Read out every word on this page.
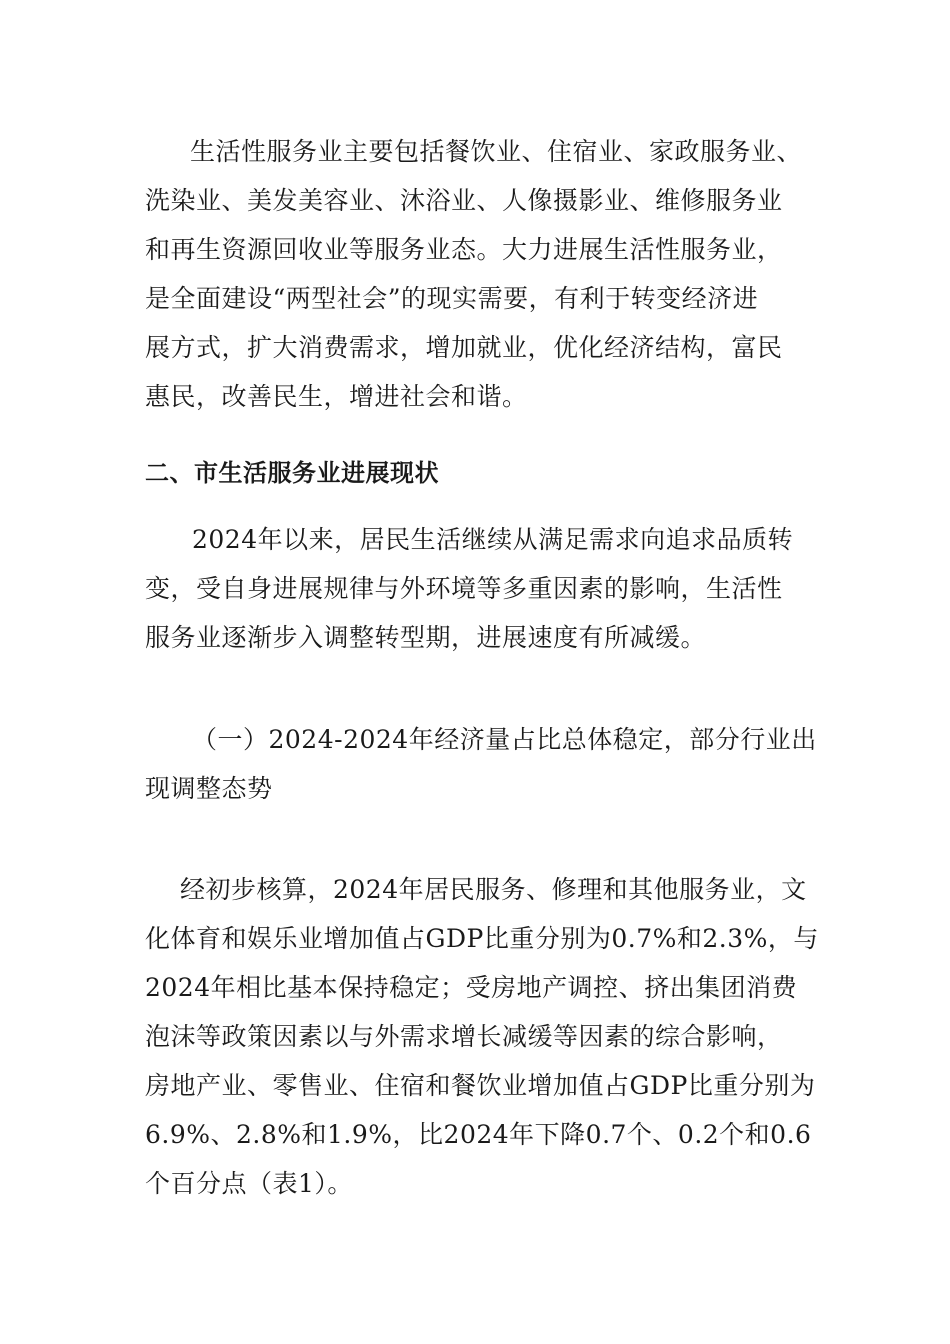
生活性服务业主要包括餐饮业、住宿业、家政服务业、
洗染业、美发美容业、沐浴业、人像摄影业、维修服务业
和再生资源回收业等服务业态。大力进展生活性服务业，
是全面建设“两型社会”的现实需要，有利于转变经济进
展方式，扩大消费需求，增加就业，优化经济结构，富民
惠民，改善民生，增进社会和谐。
二、市生活服务业进展现状
2024年以来，居民生活继续从满足需求向追求品质转
变，受自身进展规律与外环境等多重因素的影响，生活性
服务业逐渐步入调整转型期，进展速度有所减缓。
（一）2024-2024年经济量占比总体稳定，部分行业出
现调整态势
经初步核算，2024年居民服务、修理和其他服务业，文
化体育和娱乐业增加值占GDP比重分别为0.7%和2.3%，与
2024年相比基本保持稳定；受房地产调控、挤出集团消费
泡沫等政策因素以与外需求增长减缓等因素的综合影响，
房地产业、零售业、住宿和餐饮业增加值占GDP比重分别为
6.9%、2.8%和1.9%，比2024年下降0.7个、0.2个和0.6
个百分点（表1）。
